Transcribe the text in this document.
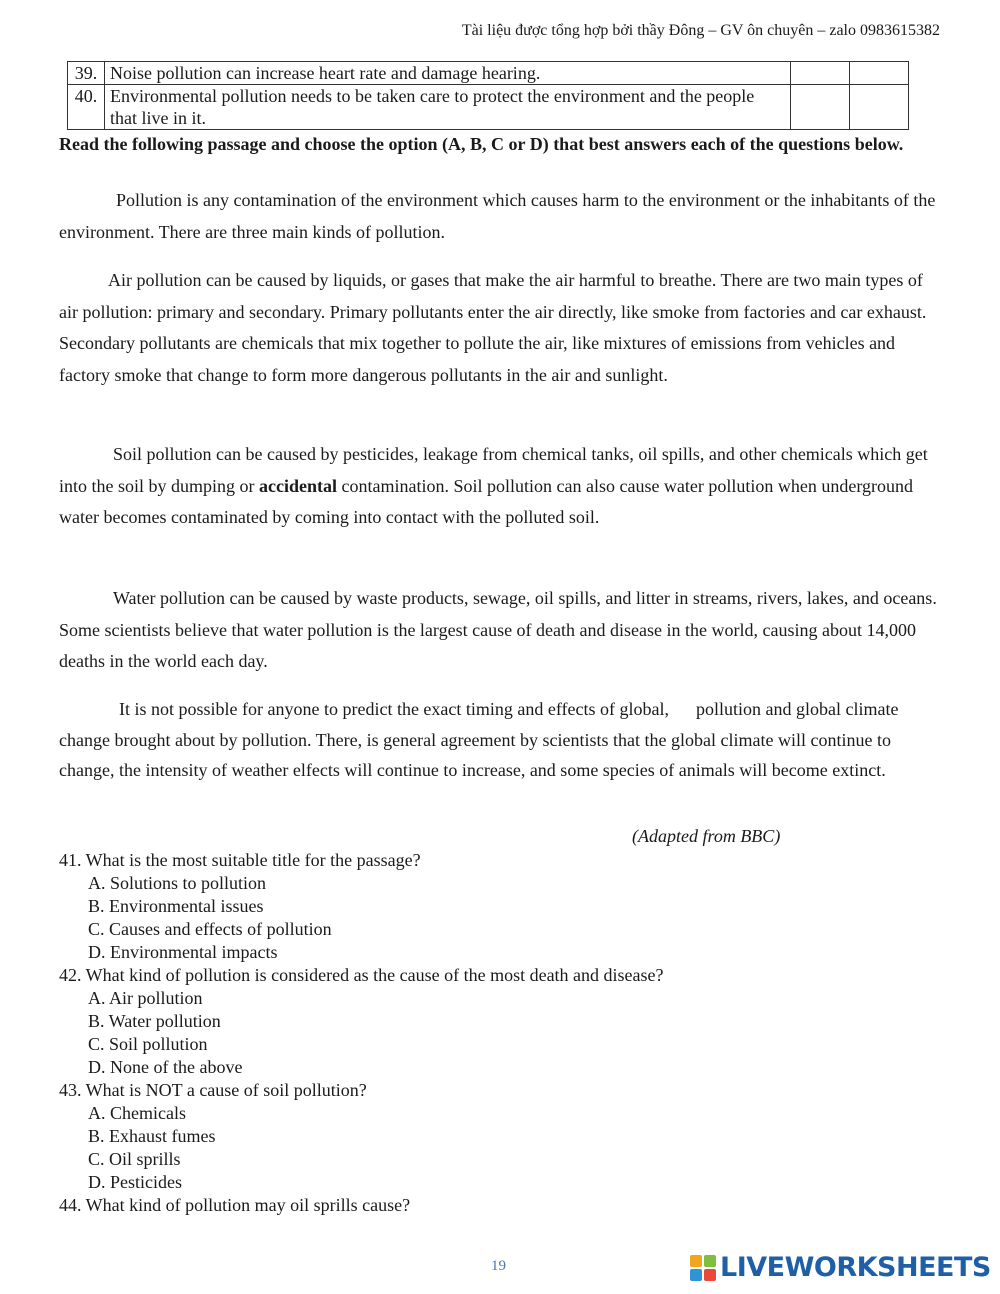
Tài liệu được tổng hợp bởi thầy Đông – GV ôn chuyên – zalo 0983615382
39.	Noise pollution can increase heart rate and damage hearing.		
40.	Environmental pollution needs to be taken care to protect the environment and the people that live in it.		
Read the following passage and choose the option (A, B, C or D) that best answers each of the questions below.
Pollution is any contamination of the environment which causes harm to the environment or the inhabitants of the environment. There are three main kinds of pollution.
Air pollution can be caused by liquids, or gases that make the air harmful to breathe. There are two main types of air pollution: primary and secondary. Primary pollutants enter the air directly, like smoke from factories and car exhaust. Secondary pollutants are chemicals that mix together to pollute the air, like mixtures of emissions from vehicles and factory smoke that change to form more dangerous pollutants in the air and sunlight.
Soil pollution can be caused by pesticides, leakage from chemical tanks, oil spills, and other chemicals which get into the soil by dumping or accidental contamination. Soil pollution can also cause water pollution when underground water becomes contaminated by coming into contact with the polluted soil.
Water pollution can be caused by waste products, sewage, oil spills, and litter in streams, rivers, lakes, and oceans. Some scientists believe that water pollution is the largest cause of death and disease in the world, causing about 14,000 deaths in the world each day.
It is not possible for anyone to predict the exact timing and effects of global,      pollution and global climate change brought about by pollution. There, is general agreement by scientists that the global climate will continue to change, the intensity of weather elfects will continue to increase, and some species of animals will become extinct.
(Adapted from BBC)
41. What is the most suitable title for the passage?
A. Solutions to pollution
B. Environmental issues
C. Causes and effects of pollution
D. Environmental impacts
42. What kind of pollution is considered as the cause of the most death and disease?
A. Air pollution
B. Water pollution
C. Soil pollution
D. None of the above
43. What is NOT a cause of soil pollution?
A. Chemicals
B. Exhaust fumes
C. Oil sprills
D. Pesticides
44. What kind of pollution may oil sprills cause?
19	LIVEWORKSHEETS
